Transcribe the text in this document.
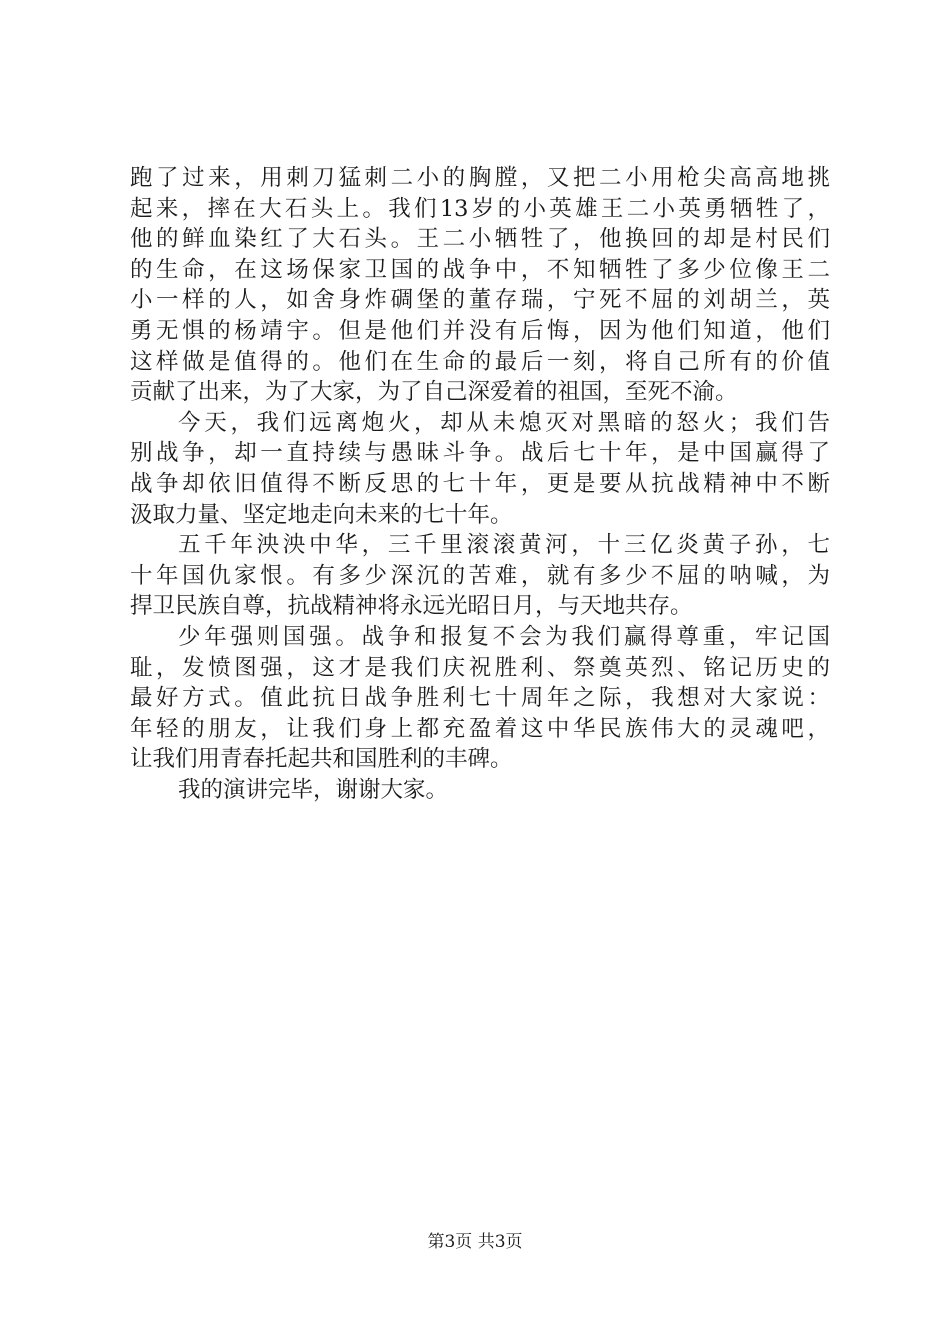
跑了过来，用刺刀猛刺二小的胸膛，又把二小用枪尖高高地挑
起来，摔在大石头上。我们13岁的小英雄王二小英勇牺牲了，
他的鲜血染红了大石头。王二小牺牲了，他换回的却是村民们
的生命，在这场保家卫国的战争中，不知牺牲了多少位像王二
小一样的人，如舍身炸碉堡的董存瑞，宁死不屈的刘胡兰，英
勇无惧的杨靖宇。但是他们并没有后悔，因为他们知道，他们
这样做是值得的。他们在生命的最后一刻，将自己所有的价值
贡献了出来，为了大家，为了自己深爱着的祖国，至死不渝。
今天，我们远离炮火，却从未熄灭对黑暗的怒火；我们告
别战争，却一直持续与愚昧斗争。战后七十年，是中国赢得了
战争却依旧值得不断反思的七十年，更是要从抗战精神中不断
汲取力量、坚定地走向未来的七十年。
五千年泱泱中华，三千里滚滚黄河，十三亿炎黄子孙，七
十年国仇家恨。有多少深沉的苦难，就有多少不屈的呐喊，为
捍卫民族自尊，抗战精神将永远光昭日月，与天地共存。
少年强则国强。战争和报复不会为我们赢得尊重，牢记国
耻，发愤图强，这才是我们庆祝胜利、祭奠英烈、铭记历史的
最好方式。值此抗日战争胜利七十周年之际，我想对大家说：
年轻的朋友，让我们身上都充盈着这中华民族伟大的灵魂吧，
让我们用青春托起共和国胜利的丰碑。
我的演讲完毕，谢谢大家。
第3页 共3页
